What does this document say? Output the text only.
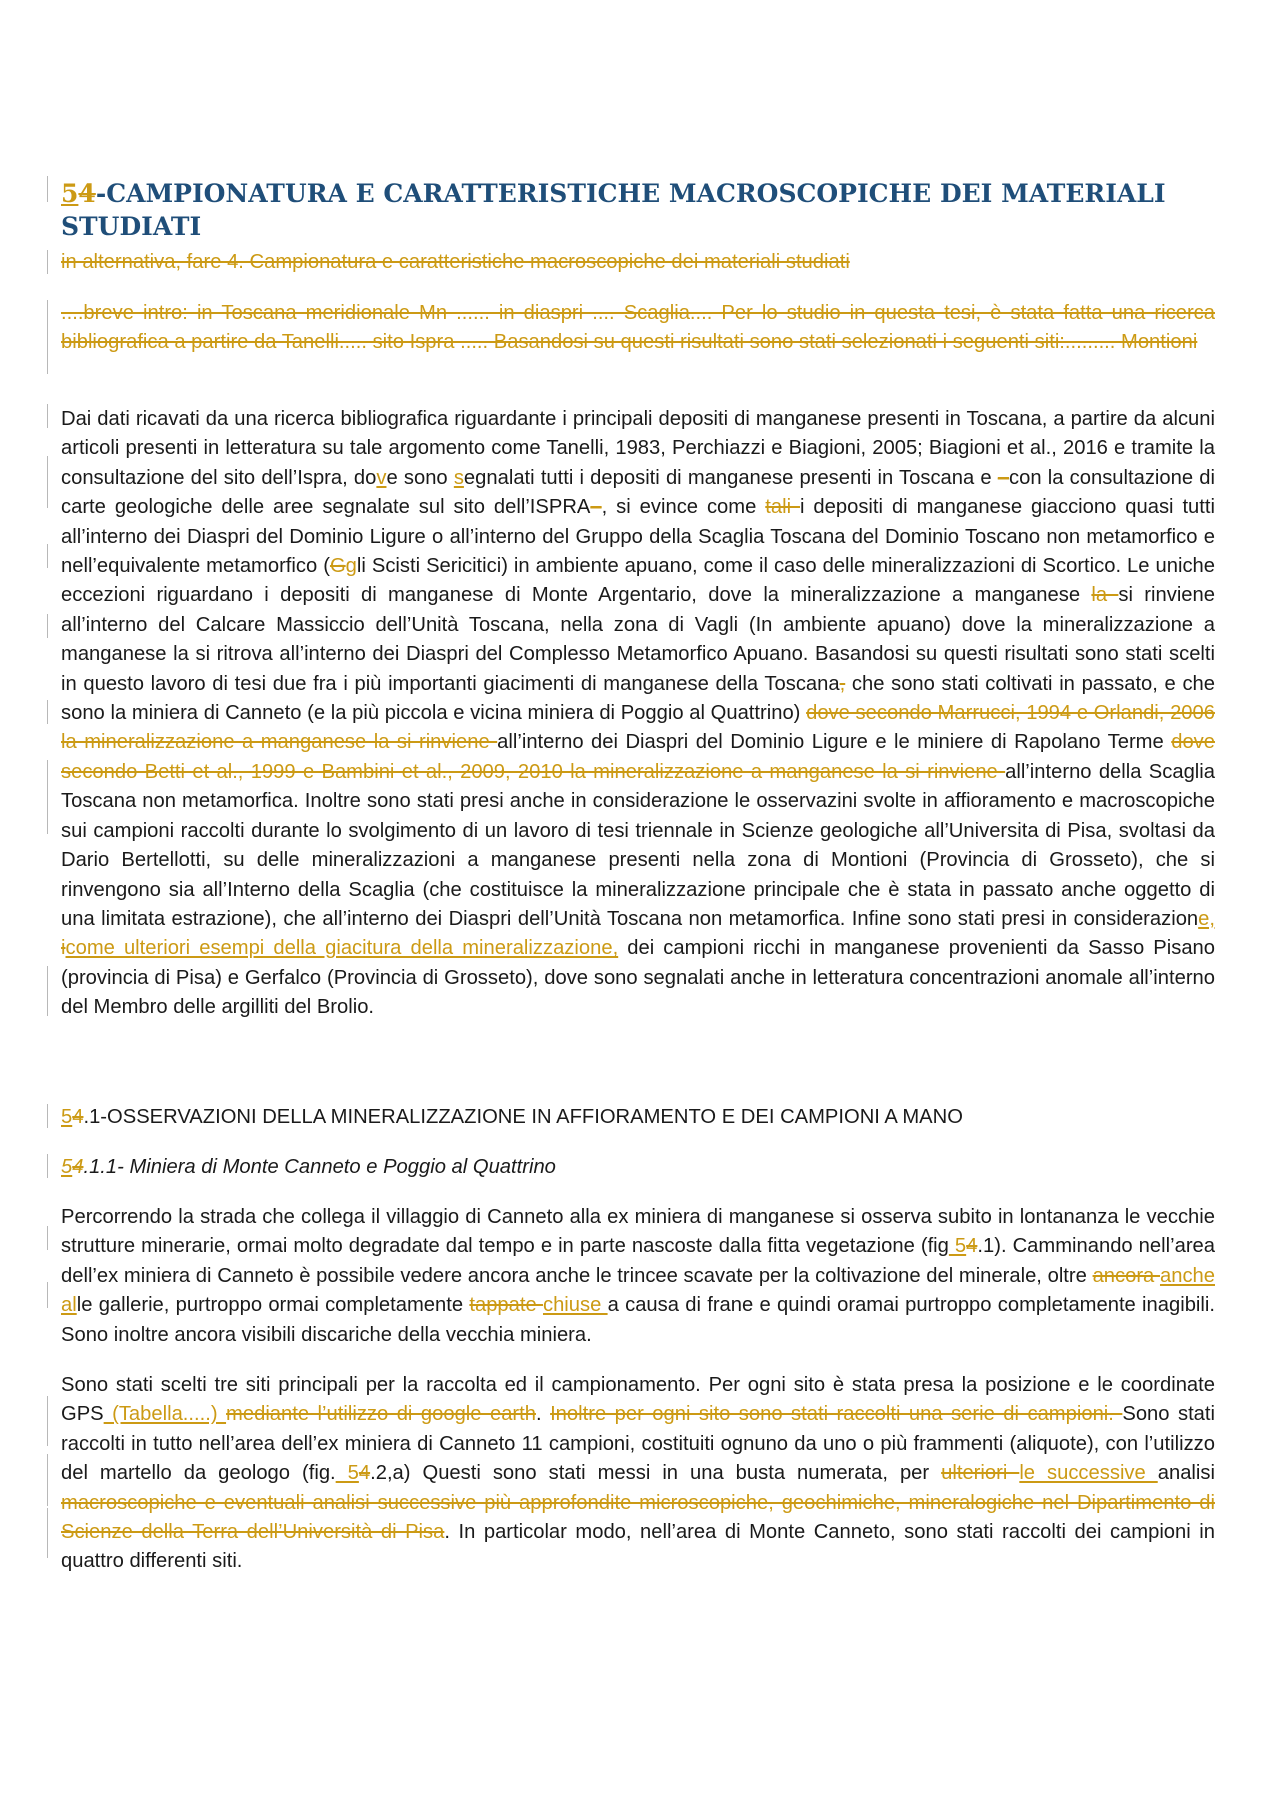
54-CAMPIONATURA E CARATTERISTICHE MACROSCOPICHE DEI MATERIALI STUDIATI

in alternativa, fare 4. Campionatura e caratteristiche macroscopiche dei materiali studiati

....breve intro: in Toscana meridionale Mn ...... in diaspri .... Scaglia.... Per lo studio in questa tesi, è stata fatta una ricerca bibliografica a partire da Tanelli..... sito Ispra ..... Basandosi su questi risultati sono stati selezionati i seguenti siti:......... Montioni

Dai dati ricavati da una ricerca bibliografica riguardante i principali depositi di manganese presenti in Toscana, a partire da alcuni articoli presenti in letteratura su tale argomento come Tanelli, 1983, Perchiazzi e Biagioni, 2005; Biagioni et al., 2016 e tramite la consultazione del sito dell’Ispra, dove sono segnalati tutti i depositi di manganese presenti in Toscana e –con la consultazione di carte geologiche delle aree segnalate sul sito dell’ISPRA–, si evince come tali i depositi di manganese giacciono quasi tutti all’interno dei Diaspri del Dominio Ligure o all’interno del Gruppo della Scaglia Toscana del Dominio Toscano non metamorfico e nell’equivalente metamorfico (Ggli Scisti Sericitici) in ambiente apuano, come il caso delle mineralizzazioni di Scortico. Le uniche eccezioni riguardano i depositi di manganese di Monte Argentario, dove la mineralizzazione a manganese la si rinviene all’interno del Calcare Massiccio dell’Unità Toscana, nella zona di Vagli (In ambiente apuano) dove la mineralizzazione a manganese la si ritrova all’interno dei Diaspri del Complesso Metamorfico Apuano. Basandosi su questi risultati sono stati scelti in questo lavoro di tesi due fra i più importanti giacimenti di manganese della Toscana, che sono stati coltivati in passato, e che sono la miniera di Canneto (e la più piccola e vicina miniera di Poggio al Quattrino) dove secondo Marrucci, 1994 e Orlandi, 2006 la mineralizzazione a manganese la si rinviene all’interno dei Diaspri del Dominio Ligure e le miniere di Rapolano Terme dove secondo Betti et al., 1999 e Bambini et al., 2009, 2010 la mineralizzazione a manganese la si rinviene all’interno della Scaglia Toscana non metamorfica. Inoltre sono stati presi anche in considerazione le osservazini svolte in affioramento e macroscopiche sui campioni raccolti durante lo svolgimento di un lavoro di tesi triennale in Scienze geologiche all’Universita di Pisa, svoltasi da Dario Bertellotti, su delle mineralizzazioni a manganese presenti nella zona di Montioni (Provincia di Grosseto), che si rinvengono sia all’Interno della Scaglia (che costituisce la mineralizzazione principale che è stata in passato anche oggetto di una limitata estrazione), che all’interno dei Diaspri dell’Unità Toscana non metamorfica. Infine sono stati presi in considerazione, icome ulteriori esempi della giacitura della mineralizzazione, dei campioni ricchi in manganese provenienti da Sasso Pisano (provincia di Pisa) e Gerfalco (Provincia di Grosseto), dove sono segnalati anche in letteratura concentrazioni anomale all’interno del Membro delle argilliti del Brolio.

54.1-OSSERVAZIONI DELLA MINERALIZZAZIONE IN AFFIORAMENTO E DEI CAMPIONI A MANO
54.1.1- Miniera di Monte Canneto e Poggio al Quattrino

Percorrendo la strada che collega il villaggio di Canneto alla ex miniera di manganese si osserva subito in lontananza le vecchie strutture minerarie, ormai molto degradate dal tempo e in parte nascoste dalla fitta vegetazione (fig 54.1). Camminando nell’area dell’ex miniera di Canneto è possibile vedere ancora anche le trincee scavate per la coltivazione del minerale, oltre ancora anche alle gallerie, purtroppo ormai completamente tappate chiuse a causa di frane e quindi oramai purtroppo completamente inagibili. Sono inoltre ancora visibili discariche della vecchia miniera.

Sono stati scelti tre siti principali per la raccolta ed il campionamento. Per ogni sito è stata presa la posizione e le coordinate GPS (Tabella.....) mediante l’utilizzo di google earth. Inoltre per ogni sito sono stati raccolti una serie di campioni. Sono stati raccolti in tutto nell’area dell’ex miniera di Canneto 11 campioni, costituiti ognuno da uno o più frammenti (aliquote), con l’utilizzo del martello da geologo (fig. 54.2,a) Questi sono stati messi in una busta numerata, per ulteriori le successive analisi macroscopiche e eventuali analisi successive più approfondite microscopiche, geochimiche, mineralogiche nel Dipartimento di Scienze della Terra dell’Università di Pisa. In particolar modo, nell’area di Monte Canneto, sono stati raccolti dei campioni in quattro differenti siti.
